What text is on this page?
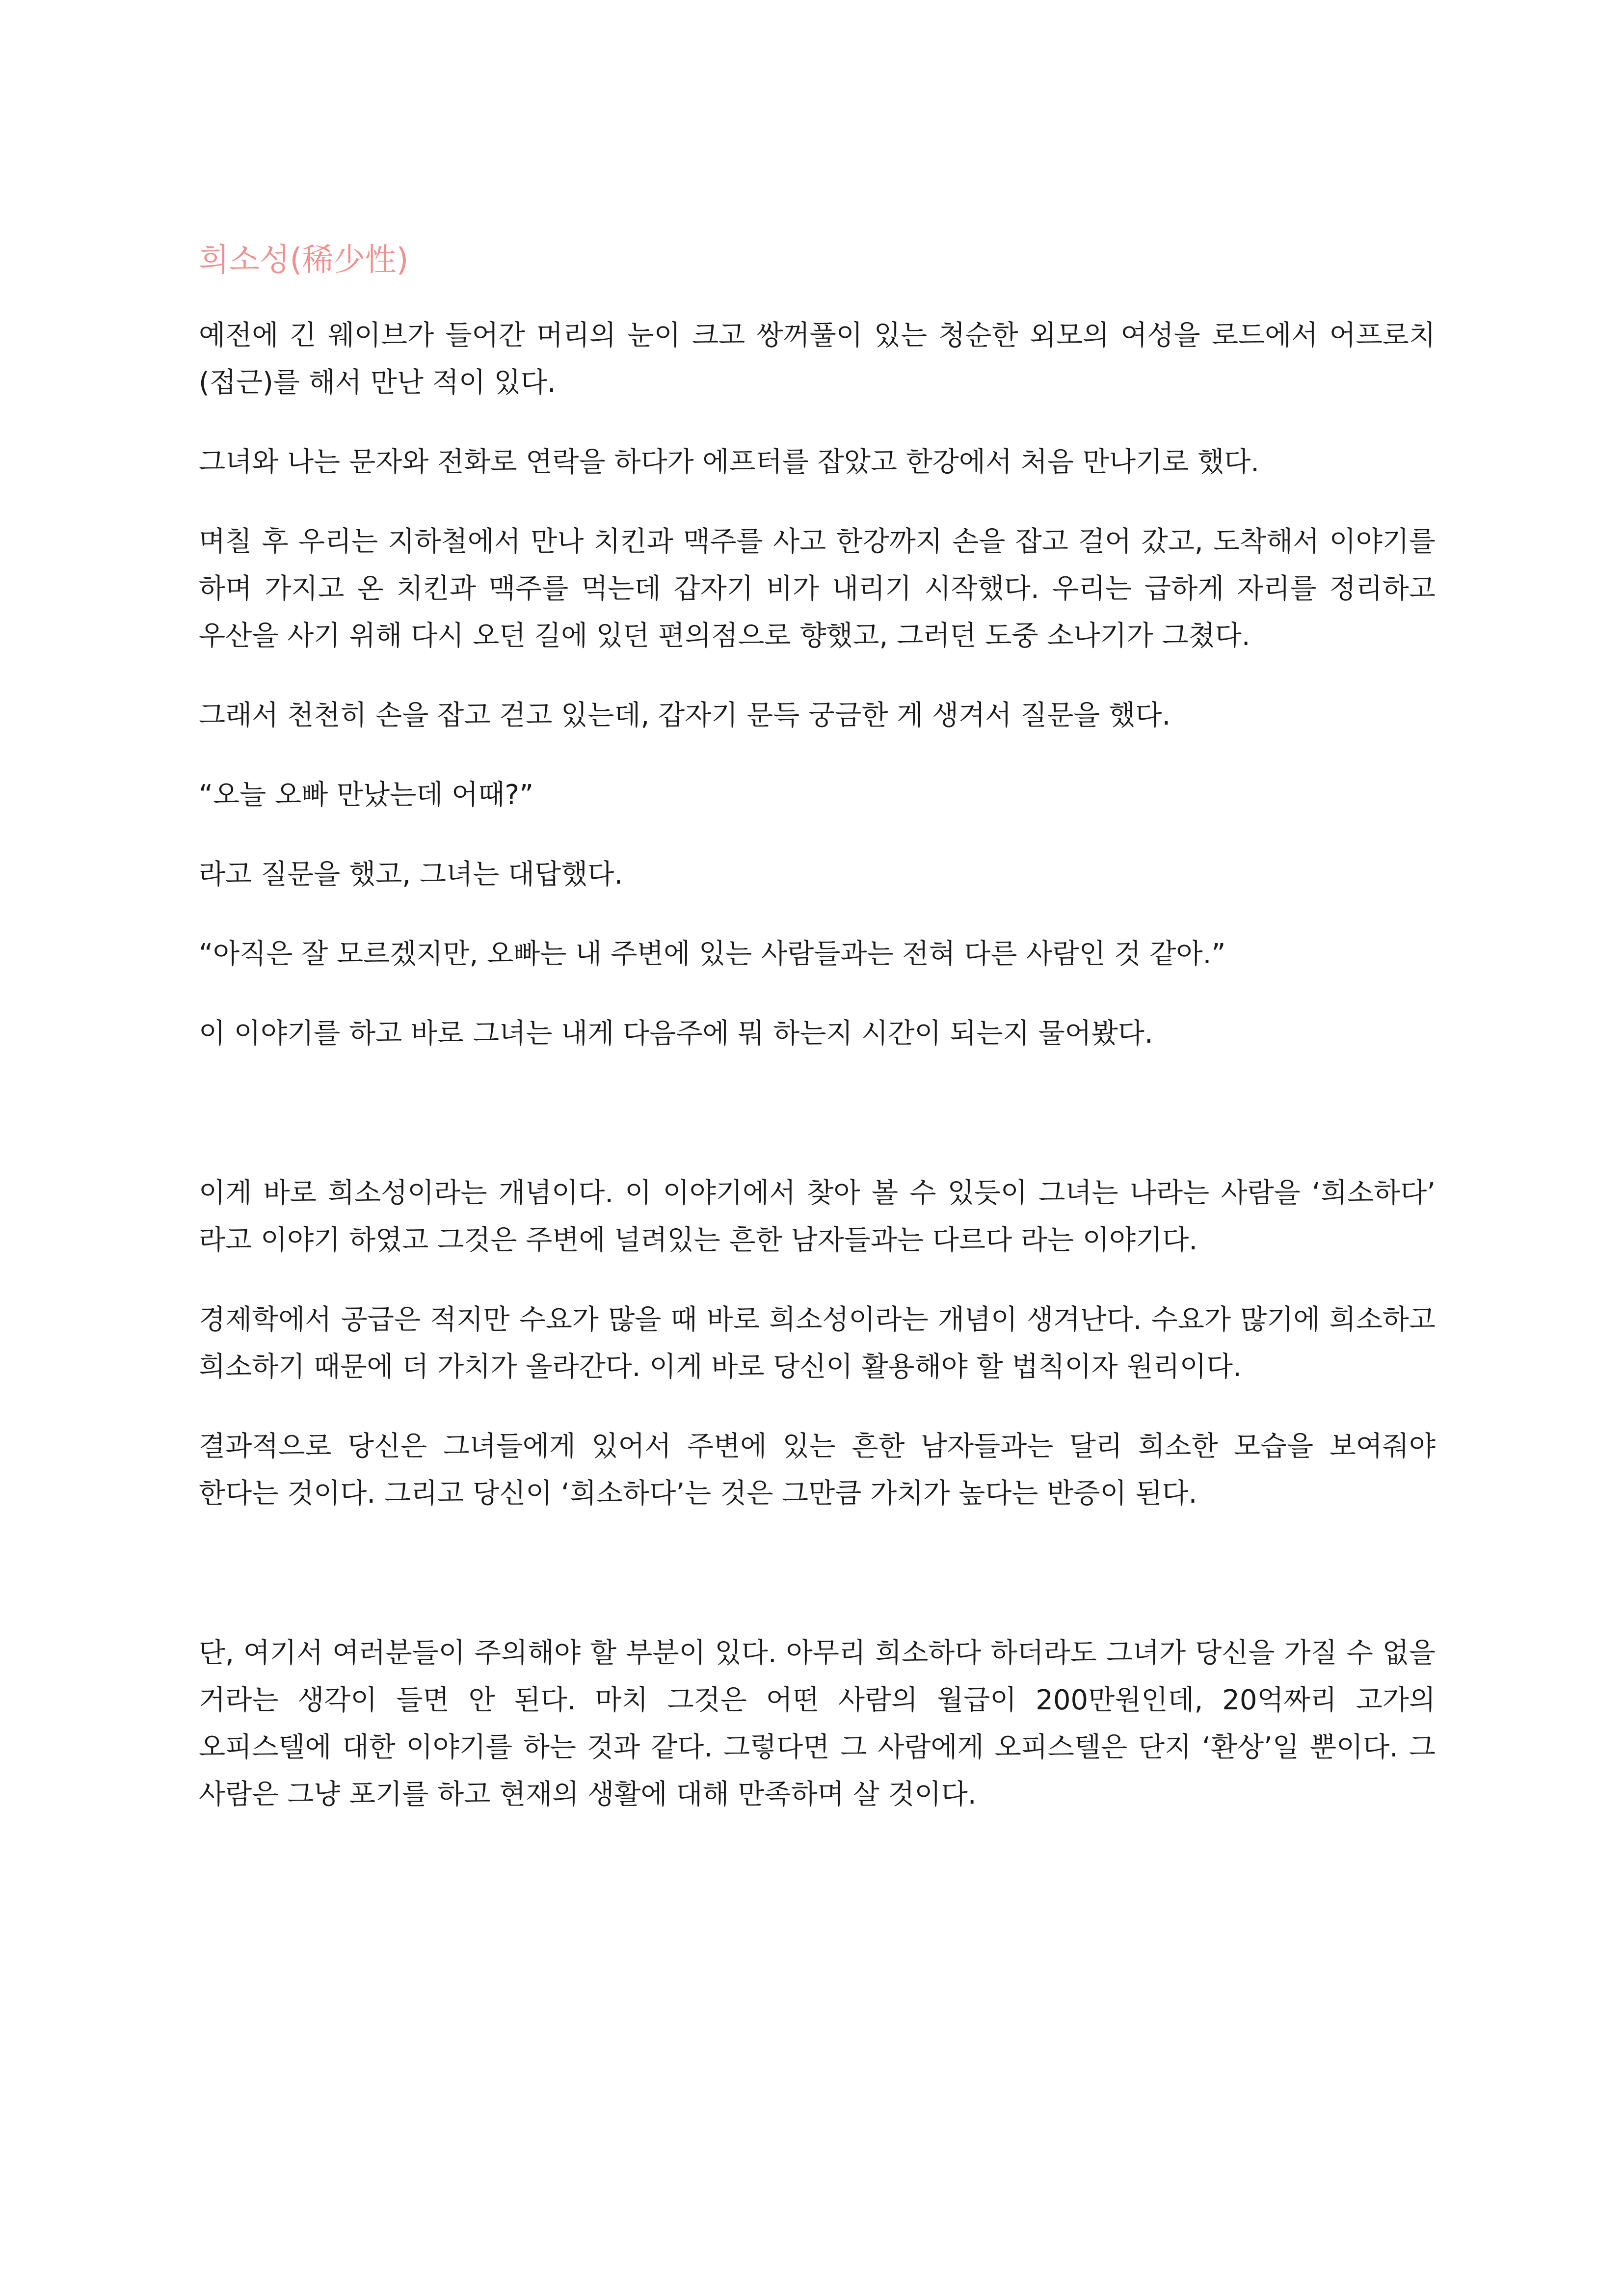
희소성(稀少性)

예전에 긴 웨이브가 들어간 머리의 눈이 크고 쌍꺼풀이 있는 청순한 외모의 여성을 로드에서 어프로치(접근)를 해서 만난 적이 있다.

그녀와 나는 문자와 전화로 연락을 하다가 에프터를 잡았고 한강에서 처음 만나기로 했다.

며칠 후 우리는 지하철에서 만나 치킨과 맥주를 사고 한강까지 손을 잡고 걸어 갔고, 도착해서 이야기를 하며 가지고 온 치킨과 맥주를 먹는데 갑자기 비가 내리기 시작했다. 우리는 급하게 자리를 정리하고 우산을 사기 위해 다시 오던 길에 있던 편의점으로 향했고, 그러던 도중 소나기가 그쳤다.

그래서 천천히 손을 잡고 걷고 있는데, 갑자기 문득 궁금한 게 생겨서 질문을 했다.

“오늘 오빠 만났는데 어때?”

라고 질문을 했고, 그녀는 대답했다.

“아직은 잘 모르겠지만, 오빠는 내 주변에 있는 사람들과는 전혀 다른 사람인 것 같아.”

이 이야기를 하고 바로 그녀는 내게 다음주에 뭐 하는지 시간이 되는지 물어봤다.

이게 바로 희소성이라는 개념이다. 이 이야기에서 찾아 볼 수 있듯이 그녀는 나라는 사람을 ‘희소하다’ 라고 이야기 하였고 그것은 주변에 널려있는 흔한 남자들과는 다르다 라는 이야기다.

경제학에서 공급은 적지만 수요가 많을 때 바로 희소성이라는 개념이 생겨난다. 수요가 많기에 희소하고 희소하기 때문에 더 가치가 올라간다. 이게 바로 당신이 활용해야 할 법칙이자 원리이다.

결과적으로 당신은 그녀들에게 있어서 주변에 있는 흔한 남자들과는 달리 희소한 모습을 보여줘야 한다는 것이다. 그리고 당신이 ‘희소하다’는 것은 그만큼 가치가 높다는 반증이 된다.

단, 여기서 여러분들이 주의해야 할 부분이 있다. 아무리 희소하다 하더라도 그녀가 당신을 가질 수 없을 거라는 생각이 들면 안 된다. 마치 그것은 어떤 사람의 월급이 200만원인데, 20억짜리 고가의 오피스텔에 대한 이야기를 하는 것과 같다. 그렇다면 그 사람에게 오피스텔은 단지 ‘환상’일 뿐이다. 그 사람은 그냥 포기를 하고 현재의 생활에 대해 만족하며 살 것이다.
